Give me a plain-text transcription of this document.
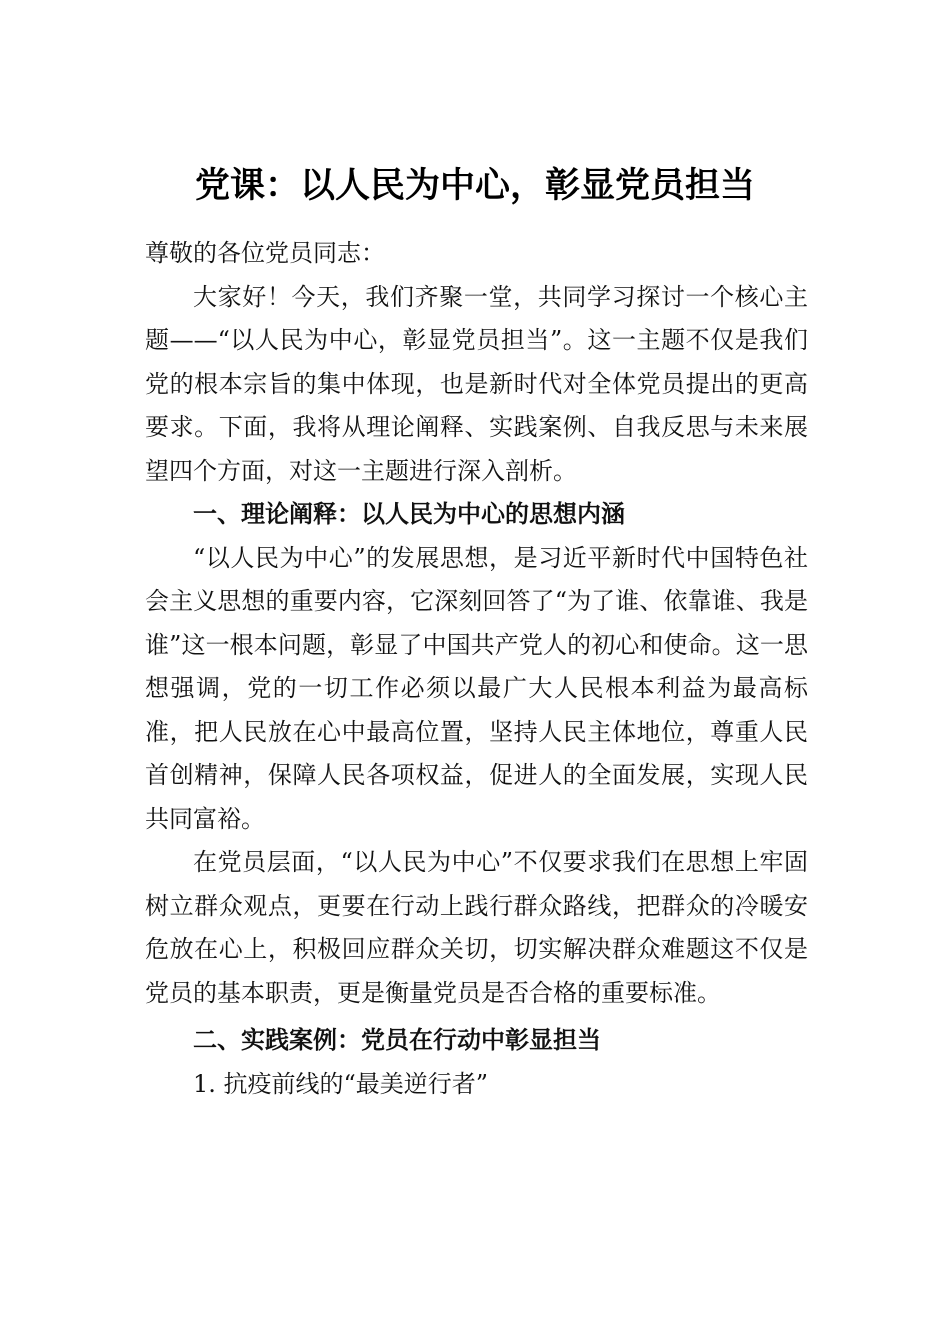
党课：以人民为中心，彰显党员担当

尊敬的各位党员同志：

大家好！今天，我们齐聚一堂，共同学习探讨一个核心主题——“以人民为中心，彰显党员担当”。这一主题不仅是我们党的根本宗旨的集中体现，也是新时代对全体党员提出的更高要求。下面，我将从理论阐释、实践案例、自我反思与未来展望四个方面，对这一主题进行深入剖析。

一、理论阐释：以人民为中心的思想内涵

“以人民为中心”的发展思想，是习近平新时代中国特色社会主义思想的重要内容，它深刻回答了“为了谁、依靠谁、我是谁”这一根本问题，彰显了中国共产党人的初心和使命。这一思想强调，党的一切工作必须以最广大人民根本利益为最高标准，把人民放在心中最高位置，坚持人民主体地位，尊重人民首创精神，保障人民各项权益，促进人的全面发展，实现人民共同富裕。

在党员层面，“以人民为中心”不仅要求我们在思想上牢固树立群众观点，更要在行动上践行群众路线，把群众的冷暖安危放在心上，积极回应群众关切，切实解决群众难题这不仅是党员的基本职责，更是衡量党员是否合格的重要标准。

二、实践案例：党员在行动中彰显担当

1. 抗疫前线的“最美逆行者”
